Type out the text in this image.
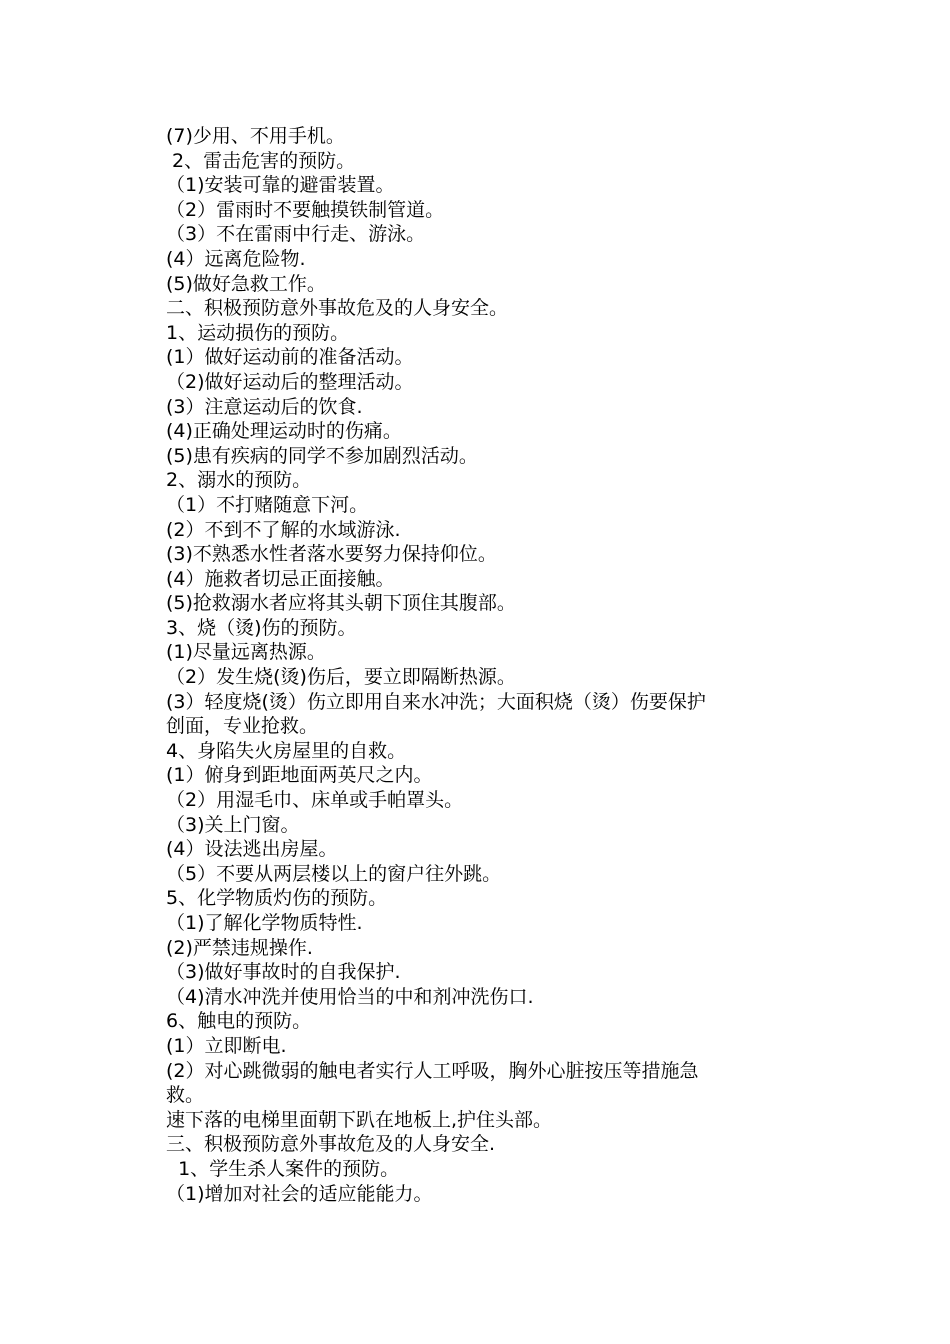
(7)少用、不用手机。

2、雷击危害的预防。

（1)安装可靠的避雷装置。

（2）雷雨时不要触摸铁制管道。

（3）不在雷雨中行走、游泳。

(4）远离危险物.

(5)做好急救工作。

二、积极预防意外事故危及的人身安全。

1、运动损伤的预防。

(1）做好运动前的准备活动。

（2)做好运动后的整理活动。

(3）注意运动后的饮食.

(4)正确处理运动时的伤痛。

(5)患有疾病的同学不参加剧烈活动。

2、溺水的预防。

（1）不打赌随意下河。

(2）不到不了解的水域游泳.

(3)不熟悉水性者落水要努力保持仰位。

(4）施救者切忌正面接触。

(5)抢救溺水者应将其头朝下顶住其腹部。

3、烧（烫)伤的预防。

(1)尽量远离热源。

（2）发生烧(烫)伤后，要立即隔断热源。

(3）轻度烧(烫）伤立即用自来水冲洗；大面积烧（烫）伤要保护

创面，专业抢救。

4、身陷失火房屋里的自救。

(1）俯身到距地面两英尺之内。

（2）用湿毛巾、床单或手帕罩头。

（3)关上门窗。

(4）设法逃出房屋。

（5）不要从两层楼以上的窗户往外跳。

5、化学物质灼伤的预防。

（1)了解化学物质特性.

(2)严禁违规操作.

（3)做好事故时的自我保护.

（4)清水冲洗并使用恰当的中和剂冲洗伤口.

6、触电的预防。

(1）立即断电.

(2）对心跳微弱的触电者实行人工呼吸，胸外心脏按压等措施急

救。

速下落的电梯里面朝下趴在地板上,护住头部。

三、积极预防意外事故危及的人身安全.

1、学生杀人案件的预防。

（1)增加对社会的适应能能力。
